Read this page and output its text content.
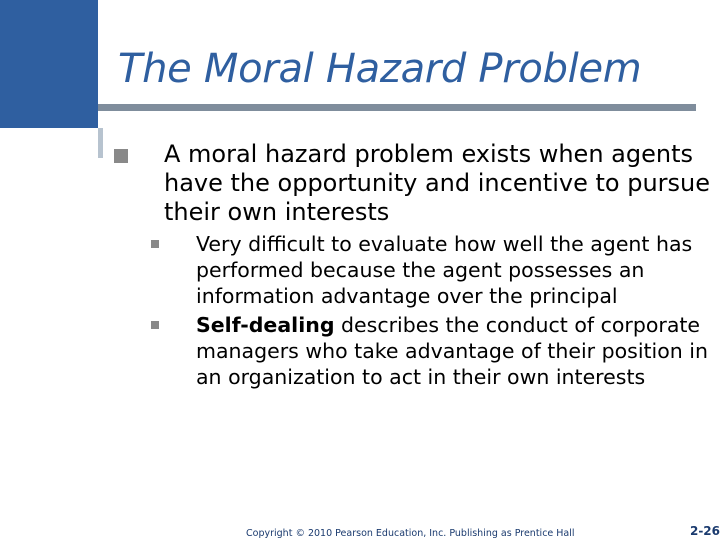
The Moral Hazard Problem
A moral hazard problem exists when agents have the opportunity and incentive to pursue their own interests
Very difficult to evaluate how well the agent has performed because the agent possesses an information advantage over the principal
Self-dealing describes the conduct of corporate managers who take advantage of their position in an organization to act in their own interests
Copyright © 2010 Pearson Education, Inc. Publishing as Prentice Hall	2-26
